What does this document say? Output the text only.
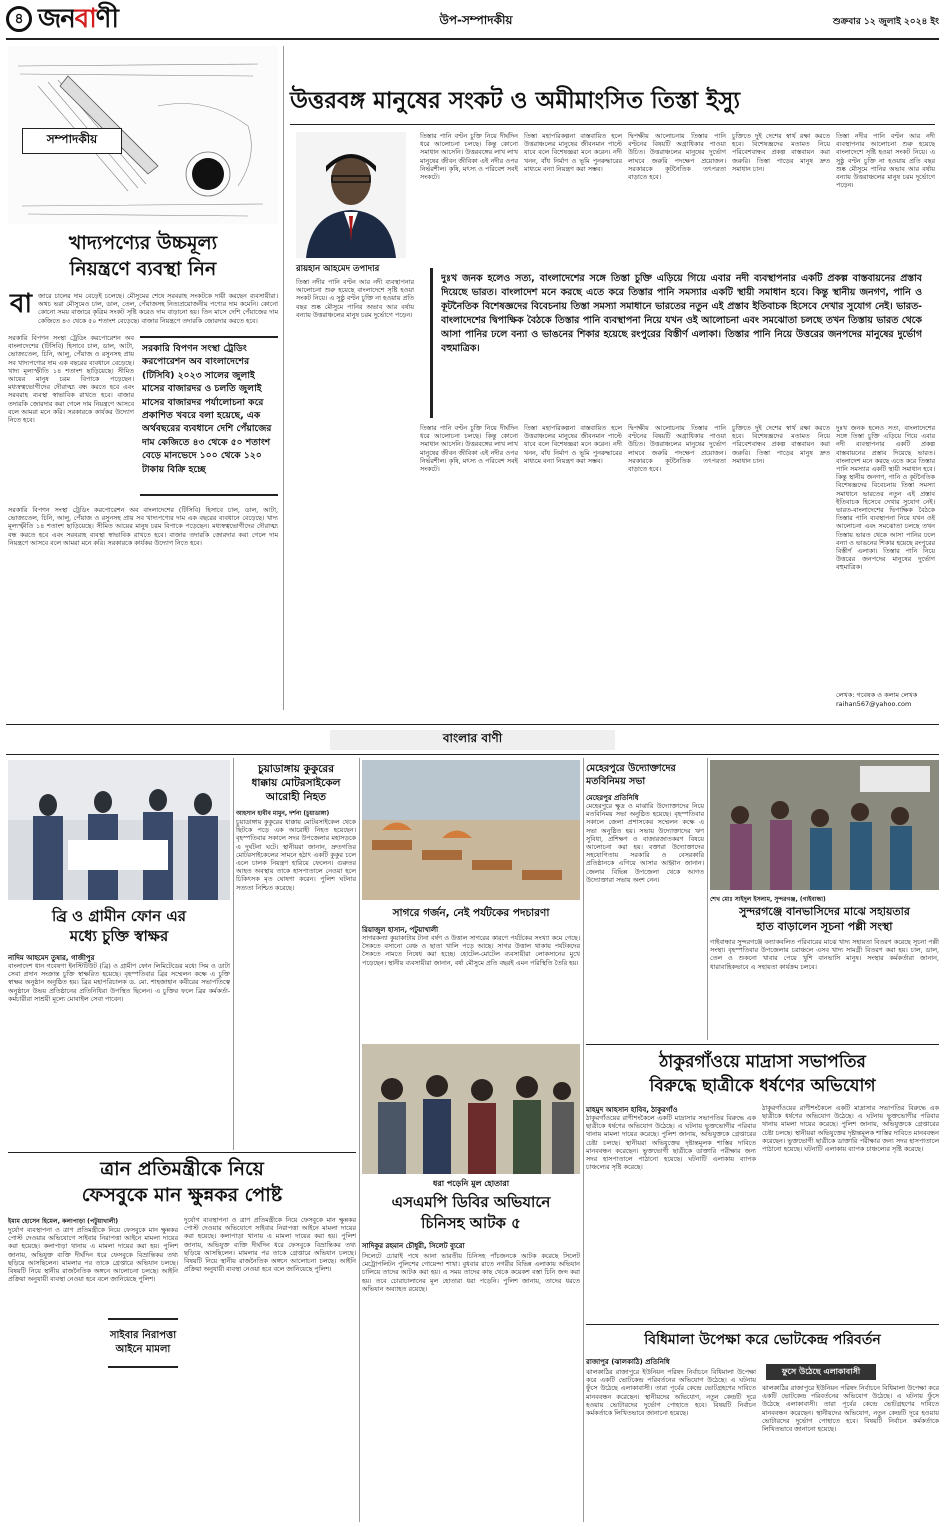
৪ জনবাণী	উপ-সম্পাদকীয়	শুক্রবার ১২ জুলাই ২০২৪ ইং
সম্পাদকীয়
খাদ্যপণ্যের উচ্চমূল্য
নিয়ন্ত্রণে ব্যবস্থা নিন
বা জারে চালের দাম বেড়েই চলেছে। মৌসুমের শেষে সরবরাহ সংকটকে দায়ী করছেন ব্যবসায়ীরা। অথচ ভরা মৌসুমেও চাল, ডাল, তেল, পেঁয়াজসহ নিত্যপ্রয়োজনীয় পণ্যের দাম কমেনি। কোনো কোনো সময় বাজারে কৃত্রিম সংকট সৃষ্টি করেও দাম বাড়ানো হয়। তিন মাসে দেশি পেঁয়াজের দাম কেজিতে ৪৩ থেকে ৫০ শতাংশ বেড়েছে। বাজার নিয়ন্ত্রণে তদারকি জোরদার করতে হবে।
সরকারি বিপণন সংস্থা ট্রেডিং করপোরেশন অব বাংলাদেশের (টিসিবি) হিসাবে চাল, ডাল, আটা, ভোজ্যতেল, চিনি, আলু, পেঁয়াজ ও রসুনসহ প্রায় সব খাদ্যপণ্যের দাম এক বছরের ব্যবধানে বেড়েছে। খাদ্য মূল্যস্ফীতি ১৪ শতাংশ ছাড়িয়েছে। সীমিত আয়ের মানুষ চরম বিপাকে পড়েছেন। মধ্যস্বত্বভোগীদের দৌরাত্ম্য বন্ধ করতে হবে এবং সরবরাহ ব্যবস্থা স্বাভাবিক রাখতে হবে। বাজার তদারকি জোরদার করা গেলে দাম নিয়ন্ত্রণে আসবে বলে আমরা মনে করি। সরকারকে কার্যকর উদ্যোগ নিতে হবে।
সরকারি বিপণন সংস্থা ট্রেডিং করপোরেশন অব বাংলাদেশের (টিসিবি) ২০২৩ সালের জুলাই মাসের বাজারদর ও চলতি জুলাই মাসের বাজারদর পর্যালোচনা করে প্রকাশিত খবরে বলা হয়েছে, এক অর্থবছরের ব্যবধানে দেশি পেঁয়াজের দাম কেজিতে ৪৩ থেকে ৫০ শতাংশ বেড়ে মানভেদে ১০০ থেকে ১২০ টাকায় বিক্রি হচ্ছে
সরকারি বিপণন সংস্থা ট্রেডিং করপোরেশন অব বাংলাদেশের (টিসিবি) হিসাবে চাল, ডাল, আটা, ভোজ্যতেল, চিনি, আলু, পেঁয়াজ ও রসুনসহ প্রায় সব খাদ্যপণ্যের দাম এক বছরের ব্যবধানে বেড়েছে। খাদ্য মূল্যস্ফীতি ১৪ শতাংশ ছাড়িয়েছে। সীমিত আয়ের মানুষ চরম বিপাকে পড়েছেন। মধ্যস্বত্বভোগীদের দৌরাত্ম্য বন্ধ করতে হবে এবং সরবরাহ ব্যবস্থা স্বাভাবিক রাখতে হবে। বাজার তদারকি জোরদার করা গেলে দাম নিয়ন্ত্রণে আসবে বলে আমরা মনে করি। সরকারকে কার্যকর উদ্যোগ নিতে হবে।
উত্তরবঙ্গ মানুষের সংকট ও অমীমাংসিত তিস্তা ইস্যু
রায়হান আহমেদ তপাদার
তিস্তা নদীর পানি বণ্টন আর নদী ব্যবস্থাপনার আলোচনা শুরু হয়েছে বাংলাদেশে সৃষ্টি হওয়া সংকট নিয়ে। এ সুষ্ঠু বণ্টন চুক্তি না হওয়ায় প্রতি বছর শুষ্ক মৌসুমে পানির অভাব আর বর্ষায় বন্যায় উত্তরাঞ্চলের মানুষ চরম দুর্ভোগে পড়েন।
তিস্তার পানি বণ্টন চুক্তি নিয়ে দীর্ঘদিন ধরে আলোচনা চলছে। কিন্তু কোনো সমাধান আসেনি। উত্তরবঙ্গের লাখ লাখ মানুষের জীবন জীবিকা এই নদীর ওপর নির্ভরশীল। কৃষি, মৎস্য ও পরিবেশ সবই সংকটে।
তিস্তা মহাপরিকল্পনা বাস্তবায়িত হলে উত্তরাঞ্চলের মানুষের জীবনমান পাল্টে যাবে বলে বিশেষজ্ঞরা মনে করেন। নদী খনন, বাঁধ নির্মাণ ও ভূমি পুনরুদ্ধারের মাধ্যমে বন্যা নিয়ন্ত্রণ করা সম্ভব।
দ্বিপক্ষীয় আলোচনায় তিস্তার পানি বণ্টনের বিষয়টি অগ্রাধিকার পাওয়া উচিত। উত্তরাঞ্চলের মানুষের দুর্ভোগ লাঘবে জরুরি পদক্ষেপ প্রয়োজন। সরকারকে কূটনৈতিক তৎপরতা বাড়াতে হবে।
চুক্তিতে দুই দেশের স্বার্থ রক্ষা করতে হবে। বিশেষজ্ঞদের মতামত নিয়ে পরিবেশবান্ধব প্রকল্প বাস্তবায়ন করা জরুরি। তিস্তা পাড়ের মানুষ দ্রুত সমাধান চান।
তিস্তা নদীর পানি বণ্টন আর নদী ব্যবস্থাপনার আলোচনা শুরু হয়েছে বাংলাদেশে সৃষ্টি হওয়া সংকট নিয়ে। এ সুষ্ঠু বণ্টন চুক্তি না হওয়ায় প্রতি বছর শুষ্ক মৌসুমে পানির অভাব আর বর্ষায় বন্যায় উত্তরাঞ্চলের মানুষ চরম দুর্ভোগে পড়েন।
দুঃখ জনক হলেও সত্য, বাংলাদেশের সঙ্গে তিস্তা চুক্তি এড়িয়ে গিয়ে এবার নদী ব্যবস্থাপনার একটি প্রকল্প বাস্তবায়নের প্রস্তাব দিয়েছে ভারত। বাংলাদেশ মনে করছে এতে করে তিস্তার পানি সমস্যার একটি স্থায়ী সমাধান হবে। কিন্তু স্থানীয় জনগণ, পানি ও কূটনৈতিক বিশেষজ্ঞদের বিবেচনায় তিস্তা সমস্যা সমাধানে ভারতের নতুন এই প্রস্তাব ইতিবাচক হিসেবে দেখার সুযোগ নেই। ভারত-বাংলাদেশের দ্বিপাক্ষিক বৈঠকে তিস্তার পানি ব্যবস্থাপনা নিয়ে যখন ওই আলোচনা এবং সমঝোতা চলছে তখন তিস্তায় ভারত থেকে আসা পানির ঢলে বন্যা ও ভাঙনের শিকার হয়েছে রংপুরের বিস্তীর্ণ এলাকা। তিস্তার পানি নিয়ে উত্তরের জনপদের মানুষের দুর্ভোগ বহুমাত্রিক।
তিস্তার পানি বণ্টন চুক্তি নিয়ে দীর্ঘদিন ধরে আলোচনা চলছে। কিন্তু কোনো সমাধান আসেনি। উত্তরবঙ্গের লাখ লাখ মানুষের জীবন জীবিকা এই নদীর ওপর নির্ভরশীল। কৃষি, মৎস্য ও পরিবেশ সবই সংকটে।
তিস্তা মহাপরিকল্পনা বাস্তবায়িত হলে উত্তরাঞ্চলের মানুষের জীবনমান পাল্টে যাবে বলে বিশেষজ্ঞরা মনে করেন। নদী খনন, বাঁধ নির্মাণ ও ভূমি পুনরুদ্ধারের মাধ্যমে বন্যা নিয়ন্ত্রণ করা সম্ভব।
দ্বিপক্ষীয় আলোচনায় তিস্তার পানি বণ্টনের বিষয়টি অগ্রাধিকার পাওয়া উচিত। উত্তরাঞ্চলের মানুষের দুর্ভোগ লাঘবে জরুরি পদক্ষেপ প্রয়োজন। সরকারকে কূটনৈতিক তৎপরতা বাড়াতে হবে।
চুক্তিতে দুই দেশের স্বার্থ রক্ষা করতে হবে। বিশেষজ্ঞদের মতামত নিয়ে পরিবেশবান্ধব প্রকল্প বাস্তবায়ন করা জরুরি। তিস্তা পাড়ের মানুষ দ্রুত সমাধান চান।
দুঃখ জনক হলেও সত্য, বাংলাদেশের সঙ্গে তিস্তা চুক্তি এড়িয়ে গিয়ে এবার নদী ব্যবস্থাপনার একটি প্রকল্প বাস্তবায়নের প্রস্তাব দিয়েছে ভারত। বাংলাদেশ মনে করছে এতে করে তিস্তার পানি সমস্যার একটি স্থায়ী সমাধান হবে। কিন্তু স্থানীয় জনগণ, পানি ও কূটনৈতিক বিশেষজ্ঞদের বিবেচনায় তিস্তা সমস্যা সমাধানে ভারতের নতুন এই প্রস্তাব ইতিবাচক হিসেবে দেখার সুযোগ নেই। ভারত-বাংলাদেশের দ্বিপাক্ষিক বৈঠকে তিস্তার পানি ব্যবস্থাপনা নিয়ে যখন ওই আলোচনা এবং সমঝোতা চলছে তখন তিস্তায় ভারত থেকে আসা পানির ঢলে বন্যা ও ভাঙনের শিকার হয়েছে রংপুরের বিস্তীর্ণ এলাকা। তিস্তার পানি নিয়ে উত্তরের জনপদের মানুষের দুর্ভোগ বহুমাত্রিক।
লেখক: গবেষক ও কলাম লেখক
raihan567@yahoo.com
বাংলার বাণী
ব্রি ও গ্রামীন ফোন এর
মধ্যে চুক্তি স্বাক্ষর
নাদিম আহমেদ তুষার, গাজীপুর
বাংলাদেশ ধান গবেষণা ইনস্টিটিউট (ব্রি) ও গ্রামীণ ফোন লিমিটেডের মধ্যে সিম ও ডাটা সেবা প্রদান সংক্রান্ত চুক্তি স্বাক্ষরিত হয়েছে। বৃহস্পতিবার ব্রির সম্মেলন কক্ষে এ চুক্তি স্বাক্ষর অনুষ্ঠান অনুষ্ঠিত হয়। ব্রির মহাপরিচালক ড. মো. শাহজাহান কবীরের সভাপতিত্বে অনুষ্ঠানে উভয় প্রতিষ্ঠানের প্রতিনিধিরা উপস্থিত ছিলেন। এ চুক্তির ফলে ব্রির কর্মকর্তা-কর্মচারীরা সাশ্রয়ী মূল্যে মোবাইল সেবা পাবেন।
চুয়াডাঙ্গায় কুকুরের
ধাক্কায় মোটরসাইকেল
আরোহী নিহত
আহসান হাবীব মামুন, দর্শনা (চুয়াডাঙ্গা)
চুয়াডাঙ্গায় কুকুরের ধাক্কায় মোটরসাইকেল থেকে ছিটকে পড়ে এক আরোহী নিহত হয়েছেন। বৃহস্পতিবার সকালে সদর উপজেলার মহাসড়কে এ দুর্ঘটনা ঘটে। স্থানীয়রা জানান, দ্রুতগতির মোটরসাইকেলের সামনে হঠাৎ একটি কুকুর চলে এলে চালক নিয়ন্ত্রণ হারিয়ে ফেলেন। গুরুতর আহত অবস্থায় তাকে হাসপাতালে নেওয়া হলে চিকিৎসক মৃত ঘোষণা করেন। পুলিশ ঘটনার সত্যতা নিশ্চিত করেছে।
সাগরে গর্জন, নেই পর্যটকের পদচারণা
রিয়াজুল হাসান, পটুয়াখালী
সাগরকন্যা কুয়াকাটায় টানা বর্ষণ ও উত্তাল সাগরের কারণে পর্যটকের সংখ্যা কমে গেছে। সৈকতে বসানো বেঞ্চ ও ছাতা খালি পড়ে আছে। সাগর উত্তাল থাকায় পর্যটকদের সৈকতে নামতে নিষেধ করা হচ্ছে। হোটেল-মোটেল ব্যবসায়ীরা লোকসানের মুখে পড়েছেন। স্থানীয় ব্যবসায়ীরা জানান, বর্ষা মৌসুমে প্রতি বছরই এমন পরিস্থিতি তৈরি হয়।
মেহেরপুরে উদ্যোক্তাদের
মতবিনিময় সভা
মেহেরপুর প্রতিনিধি
মেহেরপুরে ক্ষুদ্র ও মাঝারি উদ্যোক্তাদের নিয়ে মতবিনিময় সভা অনুষ্ঠিত হয়েছে। বৃহস্পতিবার সকালে জেলা প্রশাসকের সম্মেলন কক্ষে এ সভা অনুষ্ঠিত হয়। সভায় উদ্যোক্তাদের ঋণ সুবিধা, প্রশিক্ষণ ও বাজারজাতকরণ বিষয়ে আলোচনা করা হয়। বক্তারা উদ্যোক্তাদের সহযোগিতায় সরকারি ও বেসরকারি প্রতিষ্ঠানকে এগিয়ে আসার আহ্বান জানান। জেলার বিভিন্ন উপজেলা থেকে আগত উদ্যোক্তারা সভায় অংশ নেন।
শেখ মোঃ সাইদুল ইসলাম, সুন্দরগঞ্জ, (গাইবান্ধা)
সুন্দরগঞ্জে বানভাসিদের মাঝে সহায়তার
হাত বাড়ালেন সূচনা পল্লী সংস্থা
গাইবান্ধার সুন্দরগঞ্জে বন্যাকবলিত পরিবারের মাঝে খাদ্য সহায়তা বিতরণ করেছে সূচনা পল্লী সংস্থা। বৃহস্পতিবার উপজেলার চরাঞ্চলে এসব খাদ্য সামগ্রী বিতরণ করা হয়। চাল, ডাল, তেল ও শুকনো খাবার পেয়ে খুশি বানভাসি মানুষ। সংস্থার কর্মকর্তারা জানান, ধারাবাহিকভাবে এ সহায়তা কার্যক্রম চলবে।
ঠাকুরগাঁওয়ে মাদ্রাসা সভাপতির
বিরুদ্ধে ছাত্রীকে ধর্ষণের অভিযোগ
মাহমুদ আহসান হাবিব, ঠাকুরগাঁও
ঠাকুরগাঁওয়ের রাণীশংকৈলে একটি মাদ্রাসার সভাপতির বিরুদ্ধে এক ছাত্রীকে ধর্ষণের অভিযোগ উঠেছে। এ ঘটনায় ভুক্তভোগীর পরিবার থানায় মামলা দায়ের করেছে। পুলিশ জানায়, অভিযুক্তকে গ্রেপ্তারের চেষ্টা চলছে। স্থানীয়রা অভিযুক্তের দৃষ্টান্তমূলক শাস্তির দাবিতে মানববন্ধন করেছেন। ভুক্তভোগী ছাত্রীকে ডাক্তারি পরীক্ষার জন্য সদর হাসপাতালে পাঠানো হয়েছে। ঘটনাটি এলাকায় ব্যাপক চাঞ্চল্যের সৃষ্টি করেছে।
ঠাকুরগাঁওয়ের রাণীশংকৈলে একটি মাদ্রাসার সভাপতির বিরুদ্ধে এক ছাত্রীকে ধর্ষণের অভিযোগ উঠেছে। এ ঘটনায় ভুক্তভোগীর পরিবার থানায় মামলা দায়ের করেছে। পুলিশ জানায়, অভিযুক্তকে গ্রেপ্তারের চেষ্টা চলছে। স্থানীয়রা অভিযুক্তের দৃষ্টান্তমূলক শাস্তির দাবিতে মানববন্ধন করেছেন। ভুক্তভোগী ছাত্রীকে ডাক্তারি পরীক্ষার জন্য সদর হাসপাতালে পাঠানো হয়েছে। ঘটনাটি এলাকায় ব্যাপক চাঞ্চল্যের সৃষ্টি করেছে।
ত্রান প্রতিমন্ত্রীকে নিয়ে
ফেসবুকে মান ক্ষুন্নকর পোষ্ট
ইমাম হোসেন হিমেল, কলাপাড়া (পটুয়াখালী)
দুর্যোগ ব্যবস্থাপনা ও ত্রাণ প্রতিমন্ত্রীকে নিয়ে ফেসবুকে মান ক্ষুন্নকর পোস্ট দেওয়ার অভিযোগে সাইবার নিরাপত্তা আইনে মামলা দায়ের করা হয়েছে। কলাপাড়া থানায় এ মামলা দায়ের করা হয়। পুলিশ জানায়, অভিযুক্ত ব্যক্তি দীর্ঘদিন ধরে ফেসবুকে বিভ্রান্তিকর তথ্য ছড়িয়ে আসছিলেন। মামলার পর তাকে গ্রেপ্তারে অভিযান চলছে। বিষয়টি নিয়ে স্থানীয় রাজনৈতিক অঙ্গনে আলোচনা চলছে। আইনি প্রক্রিয়া অনুযায়ী ব্যবস্থা নেওয়া হবে বলে জানিয়েছে পুলিশ।
সাইবার নিরাপত্তা আইনে মামলা
দুর্যোগ ব্যবস্থাপনা ও ত্রাণ প্রতিমন্ত্রীকে নিয়ে ফেসবুকে মান ক্ষুন্নকর পোস্ট দেওয়ার অভিযোগে সাইবার নিরাপত্তা আইনে মামলা দায়ের করা হয়েছে। কলাপাড়া থানায় এ মামলা দায়ের করা হয়। পুলিশ জানায়, অভিযুক্ত ব্যক্তি দীর্ঘদিন ধরে ফেসবুকে বিভ্রান্তিকর তথ্য ছড়িয়ে আসছিলেন। মামলার পর তাকে গ্রেপ্তারে অভিযান চলছে। বিষয়টি নিয়ে স্থানীয় রাজনৈতিক অঙ্গনে আলোচনা চলছে। আইনি প্রক্রিয়া অনুযায়ী ব্যবস্থা নেওয়া হবে বলে জানিয়েছে পুলিশ।
ধরা পড়েনি মুল হোতারা
এসএমপি ডিবির অভিযানে
চিনিসহ আটক ৫
সাদিকুর রহমান চৌধুরী, সিলেট ব্যুরো
সিলেটে চোরাই পথে আনা ভারতীয় চিনিসহ পাঁচজনকে আটক করেছে সিলেট মেট্রোপলিটন পুলিশের গোয়েন্দা শাখা। বুধবার রাতে নগরীর বিভিন্ন এলাকায় অভিযান চালিয়ে তাদের আটক করা হয়। এ সময় তাদের কাছ থেকে কয়েকশ বস্তা চিনি জব্দ করা হয়। তবে চোরাচালানের মূল হোতারা ধরা পড়েনি। পুলিশ জানায়, তাদের ধরতে অভিযান অব্যাহত রয়েছে।
বিধিমালা উপেক্ষা করে ভোটকেন্দ্র পরিবর্তন
রাজাপুর (ঝালকাঠি) প্রতিনিধি
ঝালকাঠির রাজাপুরে ইউনিয়ন পরিষদ নির্বাচনে বিধিমালা উপেক্ষা করে একটি ভোটকেন্দ্র পরিবর্তনের অভিযোগ উঠেছে। এ ঘটনায় ফুঁসে উঠেছে এলাকাবাসী। তারা পূর্বের কেন্দ্রে ভোটগ্রহণের দাবিতে মানববন্ধন করেছেন। স্থানীয়দের অভিযোগ, নতুন কেন্দ্রটি দূরে হওয়ায় ভোটারদের দুর্ভোগ পোহাতে হবে। বিষয়টি নির্বাচন কর্মকর্তাকে লিখিতভাবে জানানো হয়েছে।
ফুসে উঠেছে এলাকাবাসী
ঝালকাঠির রাজাপুরে ইউনিয়ন পরিষদ নির্বাচনে বিধিমালা উপেক্ষা করে একটি ভোটকেন্দ্র পরিবর্তনের অভিযোগ উঠেছে। এ ঘটনায় ফুঁসে উঠেছে এলাকাবাসী। তারা পূর্বের কেন্দ্রে ভোটগ্রহণের দাবিতে মানববন্ধন করেছেন। স্থানীয়দের অভিযোগ, নতুন কেন্দ্রটি দূরে হওয়ায় ভোটারদের দুর্ভোগ পোহাতে হবে। বিষয়টি নির্বাচন কর্মকর্তাকে লিখিতভাবে জানানো হয়েছে।
